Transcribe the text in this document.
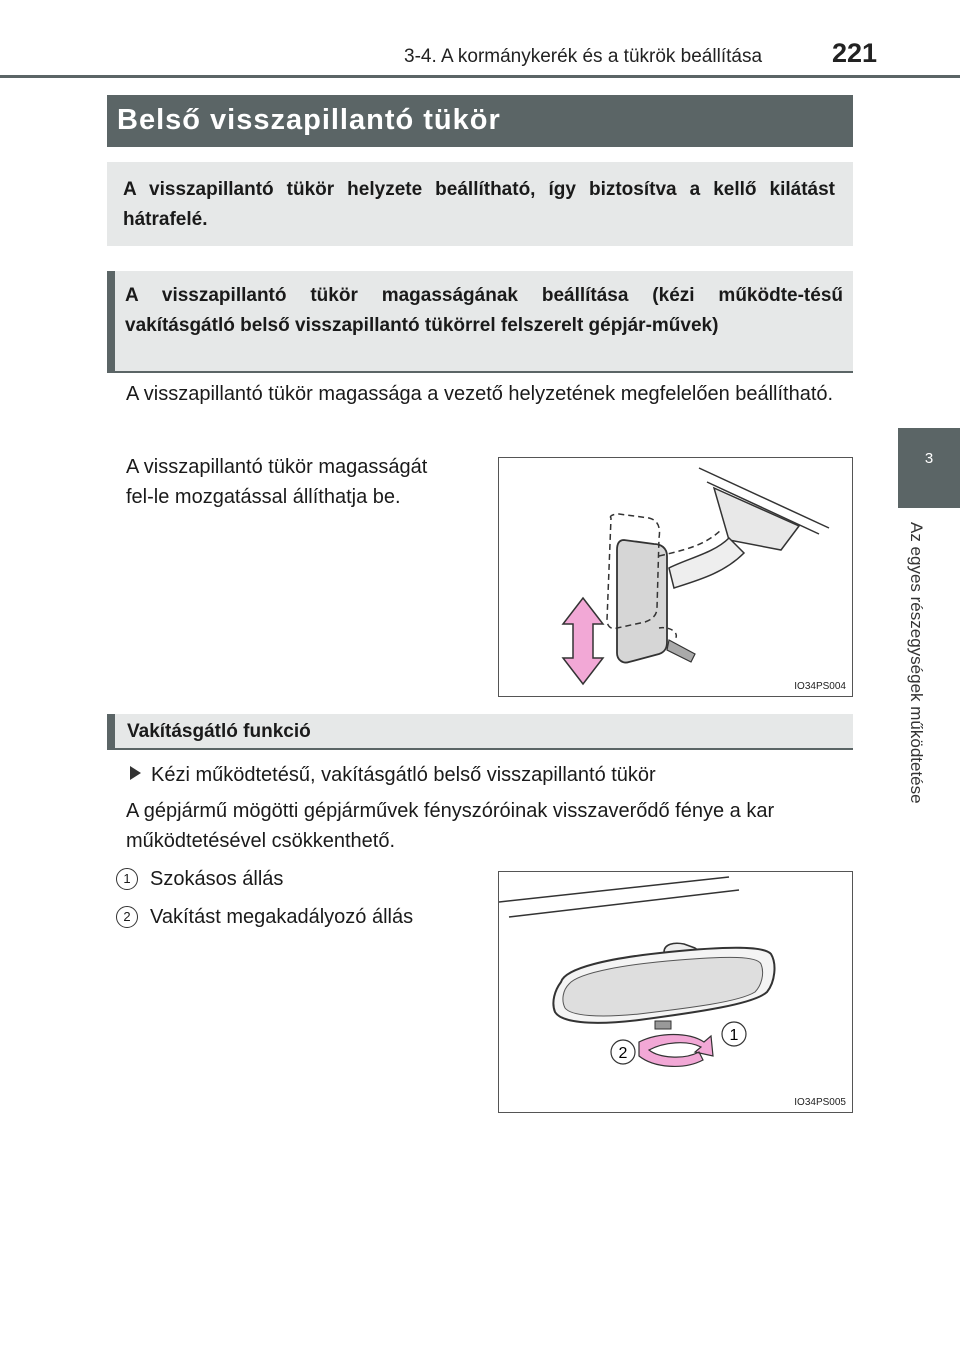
3-4. A kormánykerék és a tükrök beállítása	221
3
Az egyes részegységek működtetése
Belső visszapillantó tükör

A visszapillantó tükör helyzete beállítható, így biztosítva a kellő kilátást hátrafelé.

A visszapillantó tükör magasságának beállítása (kézi működte-tésű vakításgátló belső visszapillantó tükörrel felszerelt gépjár-művek)

A visszapillantó tükör magassága a vezető helyzetének megfelelően beállítható.
A visszapillantó tükör magasságát
fel-le mozgatással állíthatja be.
IO34PS004

Vakításgátló funkció

Kézi működtetésű, vakításgátló belső visszapillantó tükör
A gépjármű mögötti gépjárművek fényszóróinak visszaverődő fénye a kar működtetésével csökkenthető.
1 Szokásos állás
2 Vakítást megakadályozó állás
1
2
IO34PS005
